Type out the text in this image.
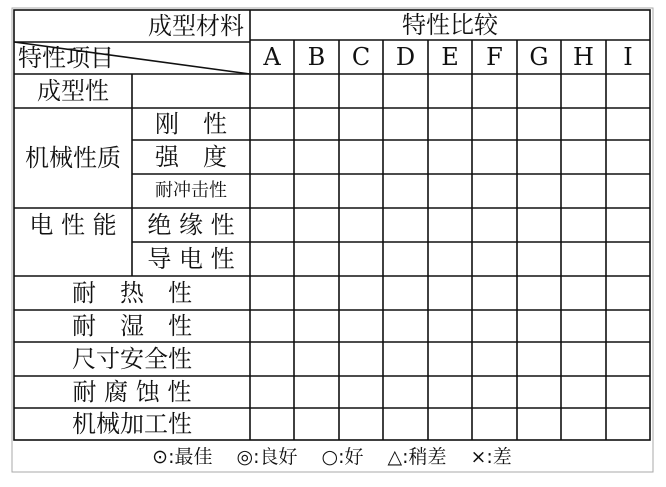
成型材料	特性比较
特性项目	A	B	C	D	E	F	G	H	I
成型性
机械性质
刚　性
强　度
耐冲击性
电 性 能	绝 缘 性
导 电 性
耐　热　性
耐　湿　性
尺寸安全性
耐 腐 蚀 性
机械加工性
⊙:最佳 ◎:良好 ○:好 △:稍差 ×:差
